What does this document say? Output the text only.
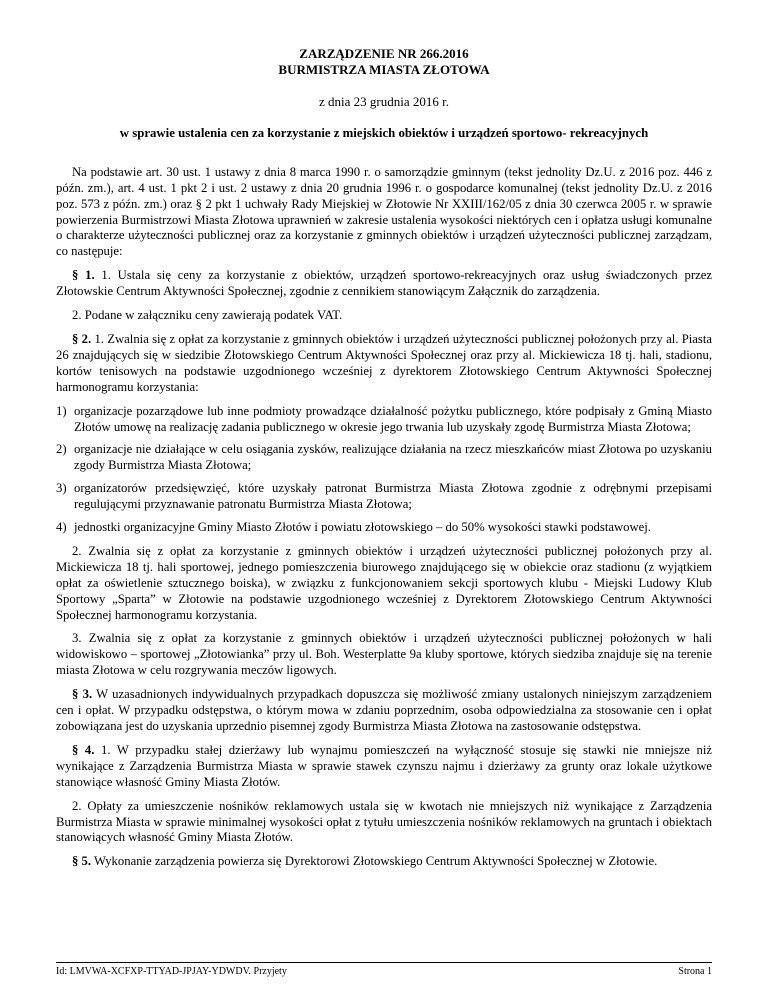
ZARZĄDZENIE NR 266.2016
BURMISTRZA MIASTA ZŁOTOWA
z dnia 23 grudnia 2016 r.
w sprawie ustalenia cen za korzystanie z miejskich obiektów i urządzeń sportowo- rekreacyjnych

Na podstawie art. 30 ust. 1 ustawy z dnia 8 marca 1990 r. o samorządzie gminnym (tekst jednolity Dz.U. z 2016 poz. 446 z późn. zm.), art. 4 ust. 1 pkt 2 i ust. 2 ustawy z dnia 20 grudnia 1996 r. o gospodarce komunalnej (tekst jednolity Dz.U. z 2016 poz. 573 z późn. zm.) oraz § 2 pkt 1 uchwały Rady Miejskiej w Złotowie Nr XXIII/162/05 z dnia 30 czerwca 2005 r. w sprawie powierzenia Burmistrzowi Miasta Złotowa uprawnień w zakresie ustalenia wysokości niektórych cen i opłatza usługi komunalne o charakterze użyteczności publicznej oraz za korzystanie z gminnych obiektów i urządzeń użyteczności publicznej zarządzam, co następuje:

§ 1. 1. Ustala się ceny za korzystanie z obiektów, urządzeń sportowo-rekreacyjnych oraz usług świadczonych przez Złotowskie Centrum Aktywności Społecznej, zgodnie z cennikiem stanowiącym Załącznik do zarządzenia.

2. Podane w załączniku ceny zawierają podatek VAT.

§ 2. 1. Zwalnia się z opłat za korzystanie z gminnych obiektów i urządzeń użyteczności publicznej położonych przy al. Piasta 26 znajdujących się w siedzibie Złotowskiego Centrum Aktywności Społecznej oraz przy al. Mickiewicza 18 tj. hali, stadionu, kortów tenisowych na podstawie uzgodnionego wcześniej z dyrektorem Złotowskiego Centrum Aktywności Społecznej harmonogramu korzystania:

1) organizacje pozarządowe lub inne podmioty prowadzące działalność pożytku publicznego, które podpisały z Gminą Miasto Złotów umowę na realizację zadania publicznego w okresie jego trwania lub uzyskały zgodę Burmistrza Miasta Złotowa;
2) organizacje nie działające w celu osiągania zysków, realizujące działania na rzecz mieszkańców miast Złotowa po uzyskaniu zgody Burmistrza Miasta Złotowa;
3) organizatorów przedsięwzięć, które uzyskały patronat Burmistrza Miasta Złotowa zgodnie z odrębnymi przepisami regulującymi przyznawanie patronatu Burmistrza Miasta Złotowa;
4) jednostki organizacyjne Gminy Miasto Złotów i powiatu złotowskiego – do 50% wysokości stawki podstawowej.

2. Zwalnia się z opłat za korzystanie z gminnych obiektów i urządzeń użyteczności publicznej położonych przy al. Mickiewicza 18 tj. hali sportowej, jednego pomieszczenia biurowego znajdującego się w obiekcie oraz stadionu (z wyjątkiem opłat za oświetlenie sztucznego boiska), w związku z funkcjonowaniem sekcji sportowych klubu - Miejski Ludowy Klub Sportowy „Sparta” w Złotowie na podstawie uzgodnionego wcześniej z Dyrektorem Złotowskiego Centrum Aktywności Społecznej harmonogramu korzystania.

3. Zwalnia się z opłat za korzystanie z gminnych obiektów i urządzeń użyteczności publicznej położonych w hali widowiskowo – sportowej „Złotowianka” przy ul. Boh. Westerplatte 9a kluby sportowe, których siedziba znajduje się na terenie miasta Złotowa w celu rozgrywania meczów ligowych.

§ 3. W uzasadnionych indywidualnych przypadkach dopuszcza się możliwość zmiany ustalonych niniejszym zarządzeniem cen i opłat. W przypadku odstępstwa, o którym mowa w zdaniu poprzednim, osoba odpowiedzialna za stosowanie cen i opłat zobowiązana jest do uzyskania uprzednio pisemnej zgody Burmistrza Miasta Złotowa na zastosowanie odstępstwa.

§ 4. 1. W przypadku stałej dzierżawy lub wynajmu pomieszczeń na wyłączność stosuje się stawki nie mniejsze niż wynikające z Zarządzenia Burmistrza Miasta w sprawie stawek czynszu najmu i dzierżawy za grunty oraz lokale użytkowe stanowiące własność Gminy Miasta Złotów.

2. Opłaty za umieszczenie nośników reklamowych ustala się w kwotach nie mniejszych niż wynikające z Zarządzenia Burmistrza Miasta w sprawie minimalnej wysokości opłat z tytułu umieszczenia nośników reklamowych na gruntach i obiektach stanowiących własność Gminy Miasta Złotów.

§ 5. Wykonanie zarządzenia powierza się Dyrektorowi Złotowskiego Centrum Aktywności Społecznej w Złotowie.

Id: LMVWA-XCFXP-TTYAD-JPJAY-YDWDV. Przyjety	Strona 1
